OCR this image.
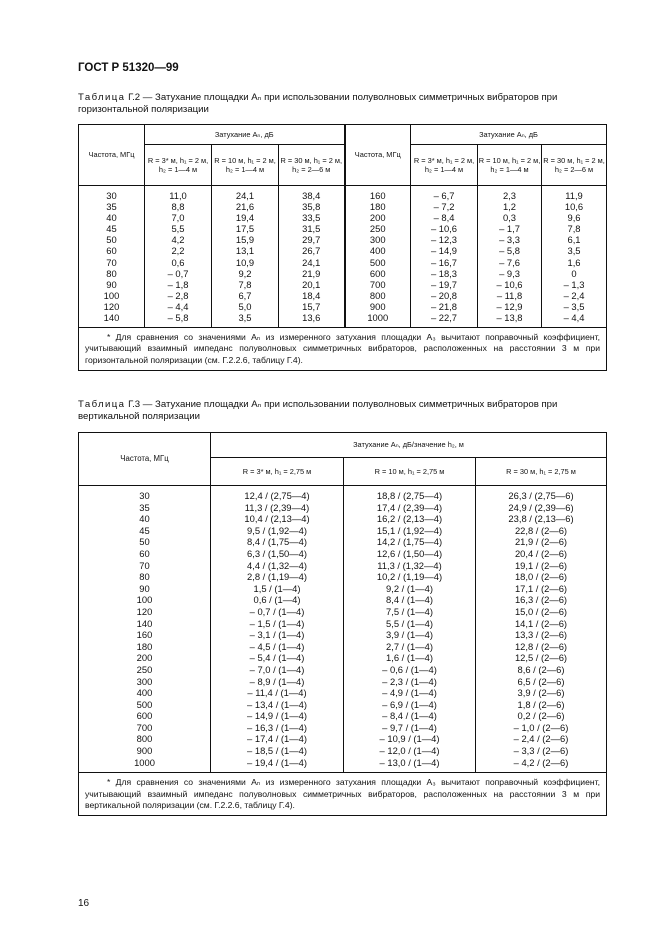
ГОСТ Р 51320—99
Таблица Г.2 — Затухание площадки Aₙ при использовании полуволновых симметричных вибраторов при горизонтальной поляризации
Частота, МГц	Затухание Aₙ, дБ			Частота, МГц	Затухание Aₙ, дБ		
	R = 3* м, h₁ = 2 м, h₂ = 1—4 м	R = 10 м, h₁ = 2 м, h₂ = 1—4 м	R = 30 м, h₁ = 2 м, h₂ = 2—6 м		R = 3* м, h₁ = 2 м, h₂ = 1—4 м	R = 10 м, h₁ = 2 м, h₂ = 1—4 м	R = 30 м, h₁ = 2 м, h₂ = 2—6 м
30	11,0	24,1	38,4	160	– 6,7	2,3	11,9
35	8,8	21,6	35,8	180	– 7,2	1,2	10,6
40	7,0	19,4	33,5	200	– 8,4	0,3	9,6
45	5,5	17,5	31,5	250	– 10,6	– 1,7	7,8
50	4,2	15,9	29,7	300	– 12,3	– 3,3	6,1
60	2,2	13,1	26,7	400	– 14,9	– 5,8	3,5
70	0,6	10,9	24,1	500	– 16,7	– 7,6	1,6
80	– 0,7	9,2	21,9	600	– 18,3	– 9,3	0
90	– 1,8	7,8	20,1	700	– 19,7	– 10,6	– 1,3
100	– 2,8	6,7	18,4	800	– 20,8	– 11,8	– 2,4
120	– 4,4	5,0	15,7	900	– 21,8	– 12,9	– 3,5
140	– 5,8	3,5	13,6	1000	– 22,7	– 13,8	– 4,4
* Для сравнения со значениями Aₙ из измеренного затухания площадки A₃ вычитают поправочный коэффициент, учитывающий взаимный импеданс полуволновых симметричных вибраторов, расположенных на расстоянии 3 м при горизонтальной поляризации (см. Г.2.2.6, таблицу Г.4).							
Таблица Г.3 — Затухание площадки Aₙ при использовании полуволновых симметричных вибраторов при вертикальной поляризации
Частота, МГц	Затухание Aₙ, дБ/значение h₂, м		
	R = 3* м, h₁ = 2,75 м	R = 10 м, h₁ = 2,75 м	R = 30 м, h₁ = 2,75 м
30	12,4 / (2,75—4)	18,8 / (2,75—4)	26,3 / (2,75—6)
35	11,3 / (2,39—4)	17,4 / (2,39—4)	24,9 / (2,39—6)
40	10,4 / (2,13—4)	16,2 / (2,13—4)	23,8 / (2,13—6)
45	9,5 / (1,92—4)	15,1 / (1,92—4)	22,8 / (2—6)
50	8,4 / (1,75—4)	14,2 / (1,75—4)	21,9 / (2—6)
60	6,3 / (1,50—4)	12,6 / (1,50—4)	20,4 / (2—6)
70	4,4 / (1,32—4)	11,3 / (1,32—4)	19,1 / (2—6)
80	2,8 / (1,19—4)	10,2 / (1,19—4)	18,0 / (2—6)
90	1,5 / (1—4)	9,2 / (1—4)	17,1 / (2—6)
100	0,6 / (1—4)	8,4 / (1—4)	16,3 / (2—6)
120	– 0,7 / (1—4)	7,5 / (1—4)	15,0 / (2—6)
140	– 1,5 / (1—4)	5,5 / (1—4)	14,1 / (2—6)
160	– 3,1 / (1—4)	3,9 / (1—4)	13,3 / (2—6)
180	– 4,5 / (1—4)	2,7 / (1—4)	12,8 / (2—6)
200	– 5,4 / (1—4)	1,6 / (1—4)	12,5 / (2—6)
250	– 7,0 / (1—4)	– 0,6 / (1—4)	8,6 / (2—6)
300	– 8,9 / (1—4)	– 2,3 / (1—4)	6,5 / (2—6)
400	– 11,4 / (1—4)	– 4,9 / (1—4)	3,9 / (2—6)
500	– 13,4 / (1—4)	– 6,9 / (1—4)	1,8 / (2—6)
600	– 14,9 / (1—4)	– 8,4 / (1—4)	0,2 / (2—6)
700	– 16,3 / (1—4)	– 9,7 / (1—4)	– 1,0 / (2—6)
800	– 17,4 / (1—4)	– 10,9 / (1—4)	– 2,4 / (2—6)
900	– 18,5 / (1—4)	– 12,0 / (1—4)	– 3,3 / (2—6)
1000	– 19,4 / (1—4)	– 13,0 / (1—4)	– 4,2 / (2—6)
* Для сравнения со значениями Aₙ из измеренного затухания площадки A₃ вычитают поправочный коэффициент, учитывающий взаимный импеданс полуволновых симметричных вибраторов, расположенных на расстоянии 3 м при вертикальной поляризации (см. Г.2.2.6, таблицу Г.4).			
16
